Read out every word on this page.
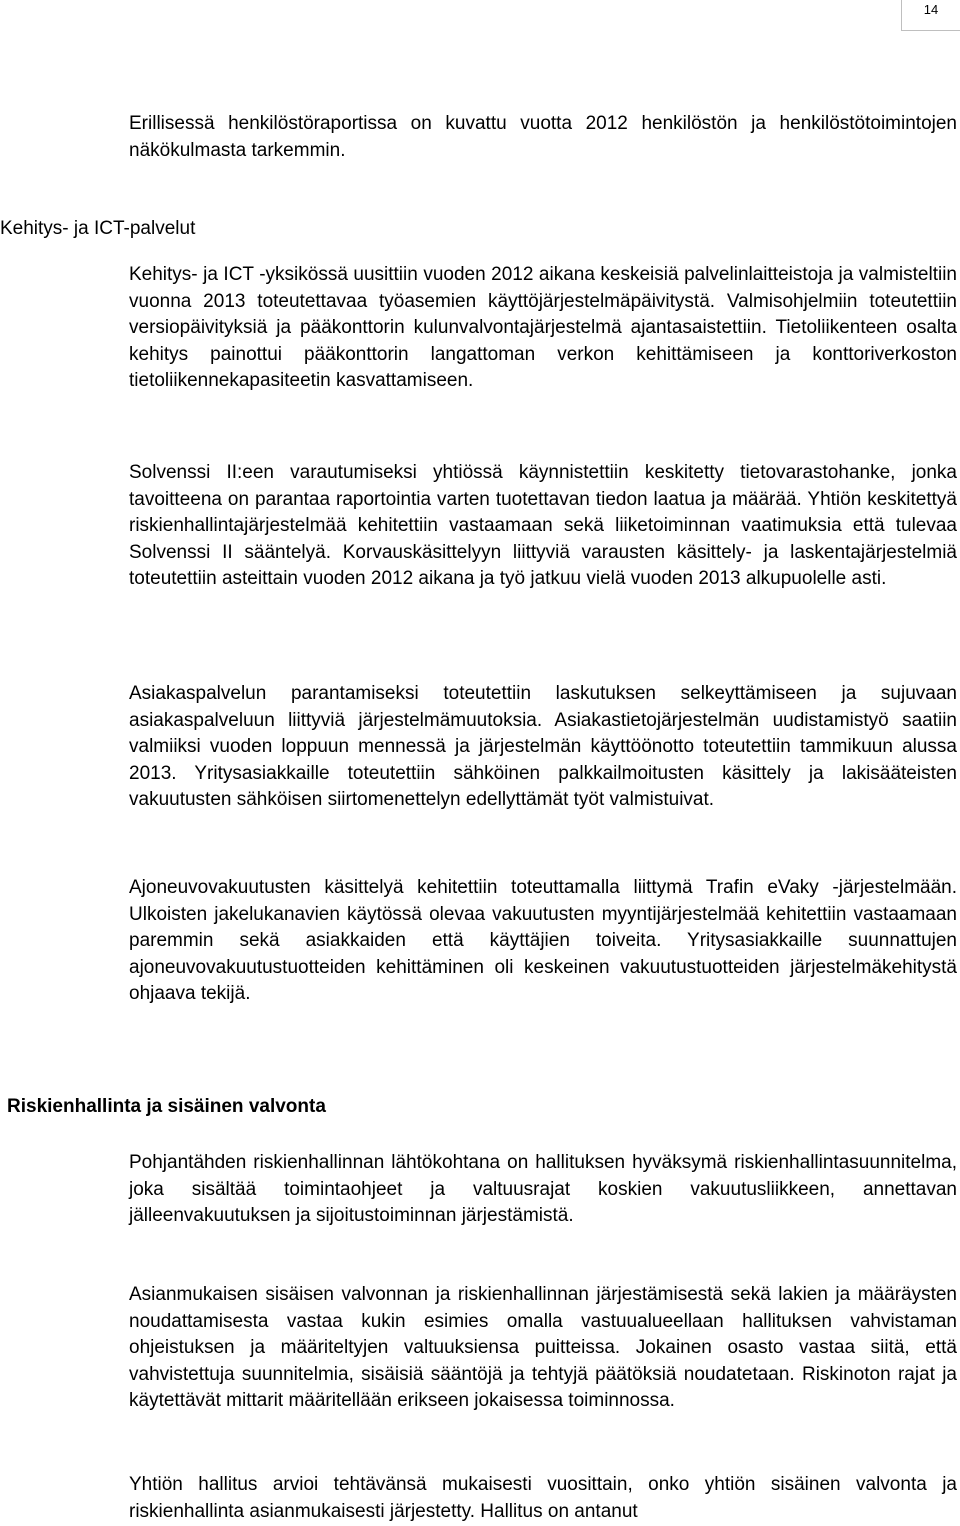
14

Erillisessä henkilöstöraportissa on kuvattu vuotta 2012 henkilöstön ja henkilöstötoimintojen näkökulmasta tarkemmin.

Kehitys- ja ICT-palvelut

Kehitys- ja ICT -yksikössä uusittiin vuoden 2012 aikana keskeisiä palvelinlaitteistoja ja valmisteltiin vuonna 2013 toteutettavaa työasemien käyttöjärjestelmäpäivitystä. Valmisohjelmiin toteutettiin versiopäivityksiä ja pääkonttorin kulunvalvontajärjestelmä ajantasaistettiin. Tietoliikenteen osalta kehitys painottui pääkonttorin langattoman verkon kehittämiseen ja konttoriverkoston tietoliikennekapasiteetin kasvattamiseen.

Solvenssi II:een varautumiseksi yhtiössä käynnistettiin keskitetty tietovarastohanke, jonka tavoitteena on parantaa raportointia varten tuotettavan tiedon laatua ja määrää. Yhtiön keskitettyä riskienhallintajärjestelmää kehitettiin vastaamaan sekä liiketoiminnan vaatimuksia että tulevaa Solvenssi II sääntelyä. Korvauskäsittelyyn liittyviä varausten käsittely- ja laskentajärjestelmiä toteutettiin asteittain vuoden 2012 aikana ja työ jatkuu vielä vuoden 2013 alkupuolelle asti.

Asiakaspalvelun parantamiseksi toteutettiin laskutuksen selkeyttämiseen ja sujuvaan asiakaspalveluun liittyviä järjestelmämuutoksia. Asiakastietojärjestelmän uudistamistyö saatiin valmiiksi vuoden loppuun mennessä ja järjestelmän käyttöönotto toteutettiin tammikuun alussa 2013. Yritysasiakkaille toteutettiin sähköinen palkkailmoitusten käsittely ja lakisääteisten vakuutusten sähköisen siirtomenettelyn edellyttämät työt valmistuivat.

Ajoneuvovakuutusten käsittelyä kehitettiin toteuttamalla liittymä Trafin eVaky -järjestelmään. Ulkoisten jakelukanavien käytössä olevaa vakuutusten myyntijärjestelmää kehitettiin vastaamaan paremmin sekä asiakkaiden että käyttäjien toiveita. Yritysasiakkaille suunnattujen ajoneuvovakuutustuotteiden kehittäminen oli keskeinen vakuutustuotteiden järjestelmäkehitystä ohjaava tekijä.

Riskienhallinta ja sisäinen valvonta

Pohjantähden riskienhallinnan lähtökohtana on hallituksen hyväksymä riskienhallintasuunnitelma, joka sisältää toimintaohjeet ja valtuusrajat koskien vakuutusliikkeen, annettavan jälleenvakuutuksen ja sijoitustoiminnan järjestämistä.

Asianmukaisen sisäisen valvonnan ja riskienhallinnan järjestämisestä sekä lakien ja määräysten noudattamisesta vastaa kukin esimies omalla vastuualueellaan hallituksen vahvistaman ohjeistuksen ja määriteltyjen valtuuksiensa puitteissa. Jokainen osasto vastaa siitä, että vahvistettuja suunnitelmia, sisäisiä sääntöjä ja tehtyjä päätöksiä noudatetaan. Riskinoton rajat ja käytettävät mittarit määritellään erikseen jokaisessa toiminnossa.

Yhtiön hallitus arvioi tehtävänsä mukaisesti vuosittain, onko yhtiön sisäinen valvonta ja riskienhallinta asianmukaisesti järjestetty. Hallitus on antanut
